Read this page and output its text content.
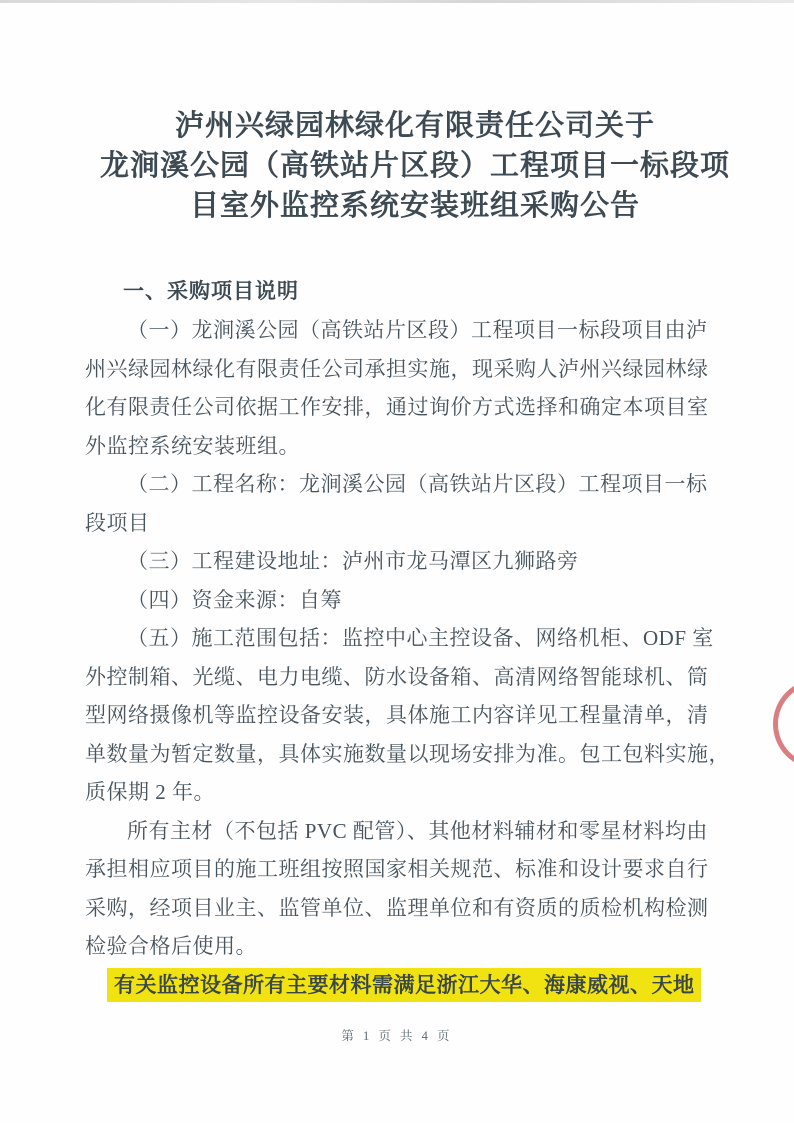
泸州兴绿园林绿化有限责任公司关于
龙涧溪公园（高铁站片区段）工程项目一标段项
目室外监控系统安装班组采购公告
一、采购项目说明
（一）龙涧溪公园（高铁站片区段）工程项目一标段项目由泸
州兴绿园林绿化有限责任公司承担实施，现采购人泸州兴绿园林绿
化有限责任公司依据工作安排，通过询价方式选择和确定本项目室
外监控系统安装班组。
（二）工程名称：龙涧溪公园（高铁站片区段）工程项目一标
段项目
（三）工程建设地址：泸州市龙马潭区九狮路旁
（四）资金来源：自筹
（五）施工范围包括：监控中心主控设备、网络机柜、ODF 室
外控制箱、光缆、电力电缆、防水设备箱、高清网络智能球机、筒
型网络摄像机等监控设备安装，具体施工内容详见工程量清单，清
单数量为暂定数量，具体实施数量以现场安排为准。包工包料实施，
质保期 2 年。
所有主材（不包括 PVC 配管）、其他材料辅材和零星材料均由
承担相应项目的施工班组按照国家相关规范、标准和设计要求自行
采购，经项目业主、监管单位、监理单位和有资质的质检机构检测
检验合格后使用。
有关监控设备所有主要材料需满足浙江大华、海康威视、天地
第 1 页 共 4 页
